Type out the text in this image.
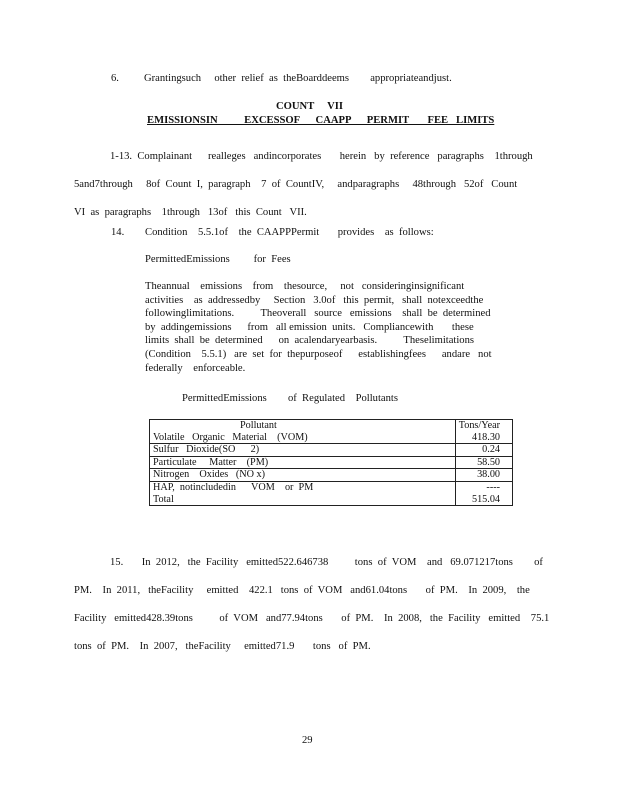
6. Grantingsuch     other  relief  as  theBoarddeems        appropriateandjust.
COUNT     VII
EMISSIONSIN          EXCESSOF      CAAPP      PERMIT       FEE   LIMITS
1-13.  Complainant      realleges   andincorporates       herein   by  reference   paragraphs    1through
5and7through     8of  Count  I,  paragraph    7  of  CountIV,     andparagraphs     48through   52of   Count
VI  as  paragraphs    1through   13of   this  Count   VII.
14. Condition    5.5.1of    the  CAAPPPermit       provides    as  follows:
PermittedEmissions         for  Fees
Theannual    emissions    from    thesource,     not   consideringinsignificant
activities    as  addressedby     Section   3.0of   this  permit,   shall  notexceedthe
followinglimitations.          Theoverall   source   emissions    shall  be  determined
by  addingemissions      from   all emission  units.   Compliancewith       these
limits  shall  be  determined      on  acalendaryearbasis.          Theselimitations
(Condition    5.5.1)   are  set  for  thepurposeof      establishingfees      andare   not
federally    enforceable.
PermittedEmissions        of  Regulated    Pollutants
Pollutant	Tons/Year
Volatile   Organic   Material    (VOM)	418.30
Sulfur   Dioxide(SO      2)	0.24
Particulate     Matter    (PM)	58.50
Nitrogen    Oxides   (NO x)	38.00
HAP,  notincludedin      VOM    or  PM	----
Total	515.04
15.       In  2012,   the  Facility   emitted522.646738          tons  of  VOM    and   69.071217tons        of
PM.    In  2011,   theFacility     emitted    422.1   tons  of  VOM   and61.04tons       of  PM.    In  2009,    the
Facility   emitted428.39tons          of  VOM   and77.94tons       of  PM.    In  2008,   the  Facility   emitted    75.1
tons  of  PM.    In  2007,   theFacility     emitted71.9       tons   of  PM.
29
